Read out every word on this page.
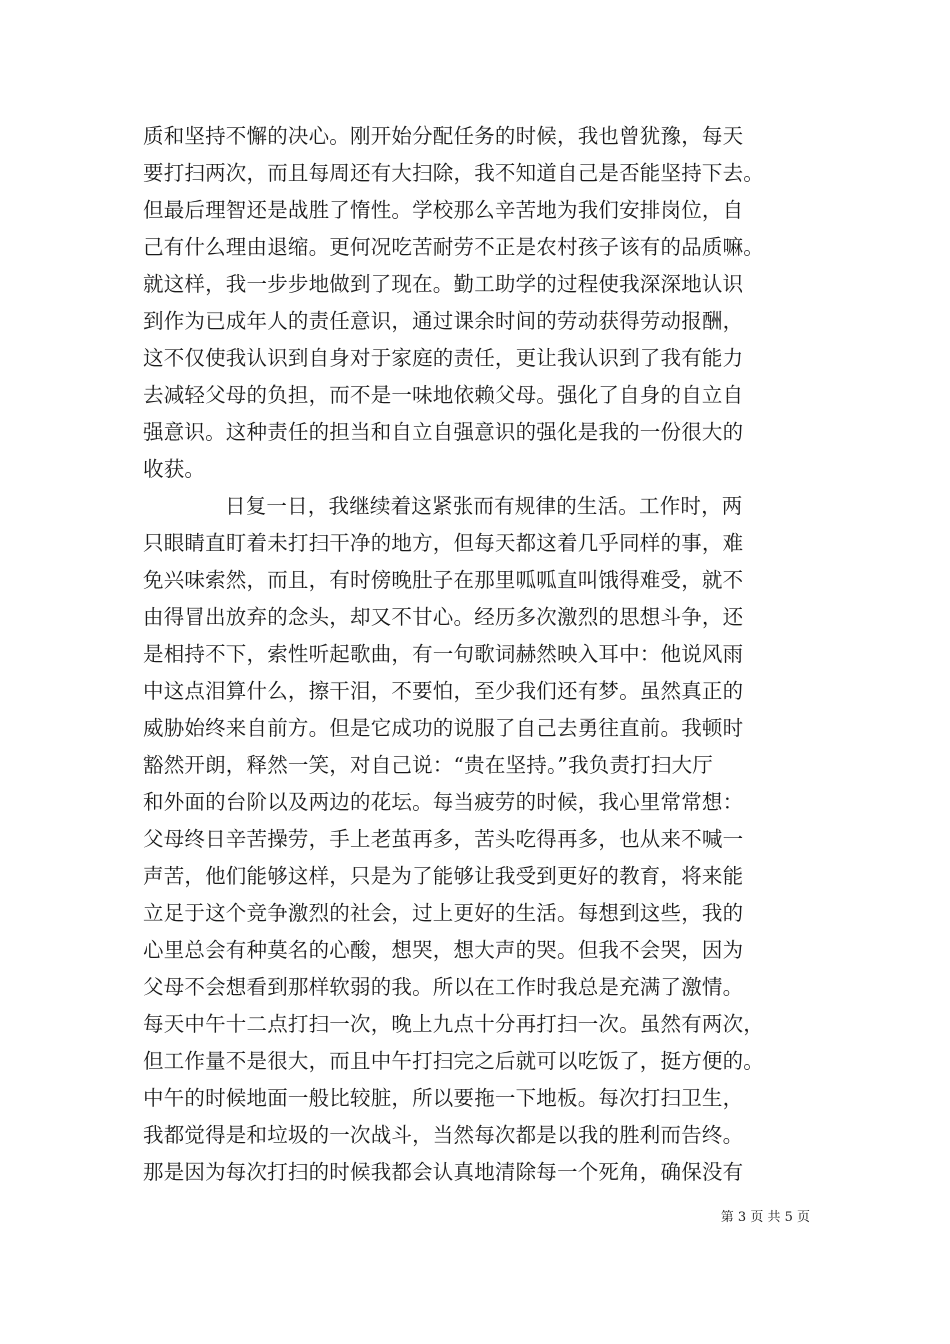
质和坚持不懈的决心。刚开始分配任务的时候，我也曾犹豫，每天
要打扫两次，而且每周还有大扫除，我不知道自己是否能坚持下去。
但最后理智还是战胜了惰性。学校那么辛苦地为我们安排岗位，自
己有什么理由退缩。更何况吃苦耐劳不正是农村孩子该有的品质嘛。
就这样，我一步步地做到了现在。勤工助学的过程使我深深地认识
到作为已成年人的责任意识，通过课余时间的劳动获得劳动报酬，
这不仅使我认识到自身对于家庭的责任，更让我认识到了我有能力
去减轻父母的负担，而不是一味地依赖父母。强化了自身的自立自
强意识。这种责任的担当和自立自强意识的强化是我的一份很大的
收获。
日复一日，我继续着这紧张而有规律的生活。工作时，两
只眼睛直盯着未打扫干净的地方，但每天都这着几乎同样的事，难
免兴味索然，而且，有时傍晚肚子在那里呱呱直叫饿得难受，就不
由得冒出放弃的念头，却又不甘心。经历多次激烈的思想斗争，还
是相持不下，索性听起歌曲，有一句歌词赫然映入耳中：他说风雨
中这点泪算什么，擦干泪，不要怕，至少我们还有梦。虽然真正的
威胁始终来自前方。但是它成功的说服了自己去勇往直前。我顿时
豁然开朗，释然一笑，对自己说：“贵在坚持。”我负责打扫大厅
和外面的台阶以及两边的花坛。每当疲劳的时候，我心里常常想：
父母终日辛苦操劳，手上老茧再多，苦头吃得再多，也从来不喊一
声苦，他们能够这样，只是为了能够让我受到更好的教育，将来能
立足于这个竞争激烈的社会，过上更好的生活。每想到这些，我的
心里总会有种莫名的心酸，想哭，想大声的哭。但我不会哭，因为
父母不会想看到那样软弱的我。所以在工作时我总是充满了激情。
每天中午十二点打扫一次，晚上九点十分再打扫一次。虽然有两次，
但工作量不是很大，而且中午打扫完之后就可以吃饭了，挺方便的。
中午的时候地面一般比较脏，所以要拖一下地板。每次打扫卫生，
我都觉得是和垃圾的一次战斗，当然每次都是以我的胜利而告终。
那是因为每次打扫的时候我都会认真地清除每一个死角，确保没有
第 3 页 共 5 页
